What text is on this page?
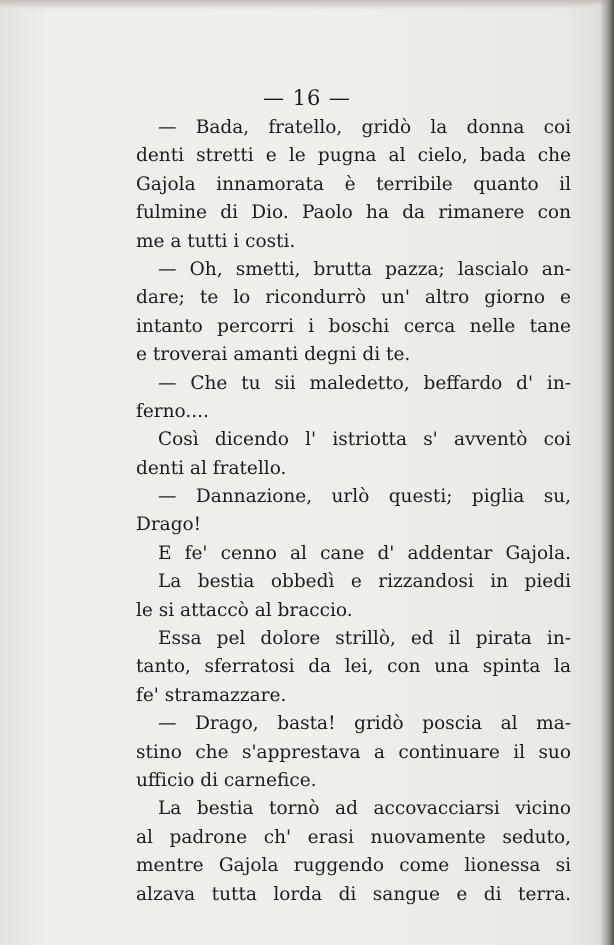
— 16 —
— Bada, fratello, gridò la donna coi
denti stretti e le pugna al cielo, bada che
Gajola innamorata è terribile quanto il
fulmine di Dio. Paolo ha da rimanere con
me a tutti i costi.
— Oh, smetti, brutta pazza; lascialo an-
dare; te lo ricondurrò un' altro giorno e
intanto percorri i boschi cerca nelle tane
e troverai amanti degni di te.
— Che tu sii maledetto, beffardo d' in-
ferno....
Così dicendo l' istriotta s' avventò coi
denti al fratello.
— Dannazione, urlò questi; piglia su,
Drago!
E fe' cenno al cane d' addentar Gajola.
La bestia obbedì e rizzandosi in piedi
le si attaccò al braccio.
Essa pel dolore strillò, ed il pirata in-
tanto, sferratosi da lei, con una spinta la
fe' stramazzare.
— Drago, basta! gridò poscia al ma-
stino che s'apprestava a continuare il suo
ufficio di carnefice.
La bestia tornò ad accovacciarsi vicino
al padrone ch' erasi nuovamente seduto,
mentre Gajola ruggendo come lionessa si
alzava tutta lorda di sangue e di terra.
